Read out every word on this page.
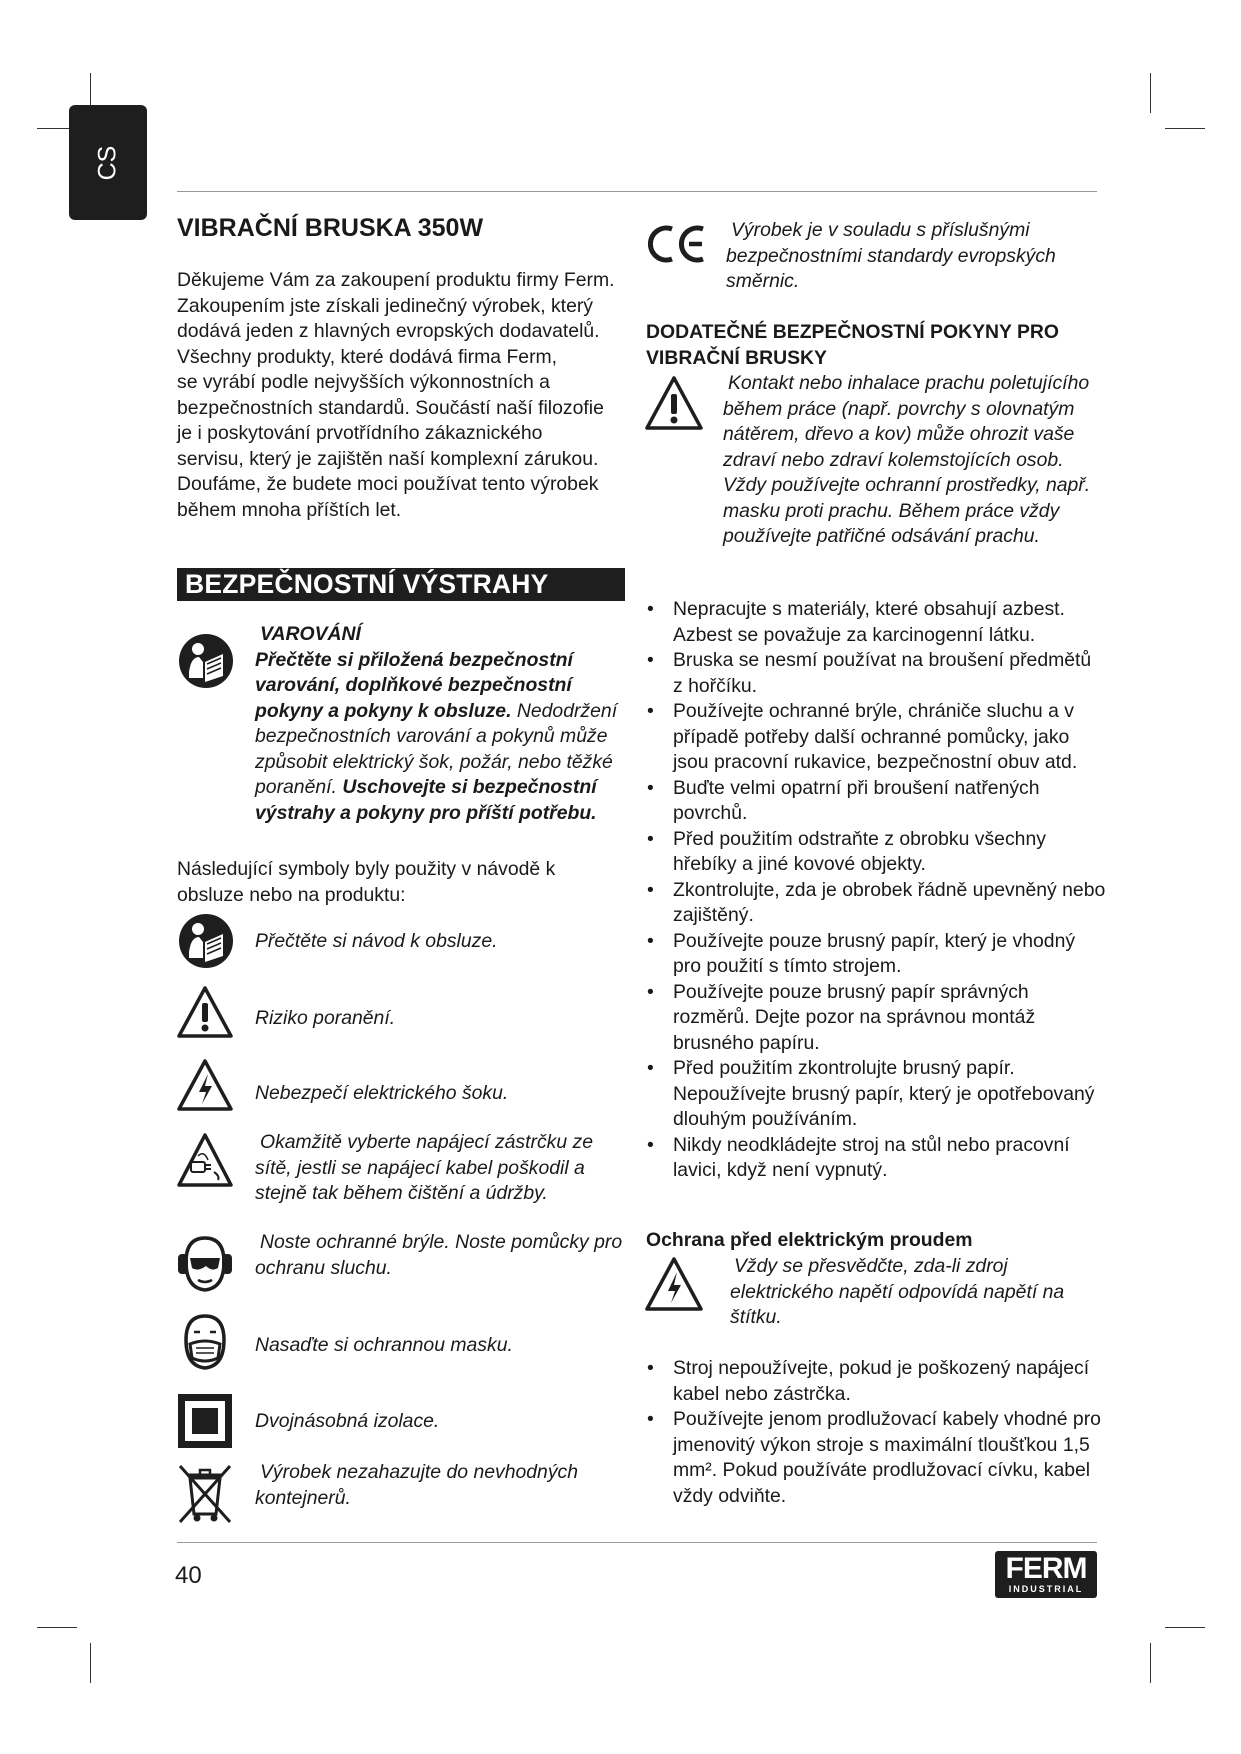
CS
VIBRAČNÍ BRUSKA 350W

Děkujeme Vám za zakoupení produktu firmy Ferm.

Zakoupením jste získali jedinečný výrobek, který

dodává jeden z hlavných evropských dodavatelů.

Všechny produkty, které dodává firma Ferm,

se vyrábí podle nejvyšších výkonnostních a

bezpečnostních standardů. Součástí naší filozofie

je i poskytování prvotřídního zákaznického

servisu, který je zajištěn naší komplexní zárukou.

Doufáme, že budete moci používat tento výrobek

během mnoha příštích let.

BEZPEČNOSTNÍ VÝSTRAHY
VAROVÁNÍ
Přečtěte si přiložená bezpečnostní varování, doplňkové bezpečnostní pokyny a pokyny k obsluze. Nedodržení bezpečnostních varování a pokynů může způsobit elektrický šok, požár, nebo těžké poranění. Uschovejte si bezpečnostní výstrahy a pokyny pro příští potřebu.
Následující symboly byly použity v návodě k obsluze nebo na produktu:
Přečtěte si návod k obsluze.
Riziko poranění.
Nebezpečí elektrického šoku.
Okamžitě vyberte napájecí zástrčku ze sítě, jestli se napájecí kabel poškodil a stejně tak během čištění a údržby.
Noste ochranné brýle. Noste pomůcky pro ochranu sluchu.
Nasaďte si ochrannou masku.
Dvojnásobná izolace.
Výrobek nezahazujte do nevhodných kontejnerů.
Výrobek je v souladu s příslušnými bezpečnostními standardy evropských směrnic.
DODATEČNÉ BEZPEČNOSTNÍ POKYNY PRO VIBRAČNÍ BRUSKY
Kontakt nebo inhalace prachu poletujícího během práce (např. povrchy s olovnatým nátěrem, dřevo a kov) může ohrozit vaše zdraví nebo zdraví kolemstojících osob. Vždy používejte ochranní prostředky, např. masku proti prachu. Během práce vždy používejte patřičné odsávání prachu.
• Nepracujte s materiály, které obsahují azbest. Azbest se považuje za karcinogenní látku.
• Bruska se nesmí používat na broušení předmětů z hořčíku.
• Používejte ochranné brýle, chrániče sluchu a v případě potřeby další ochranné pomůcky, jako jsou pracovní rukavice, bezpečnostní obuv atd.
• Buďte velmi opatrní při broušení natřených povrchů.
• Před použitím odstraňte z obrobku všechny hřebíky a jiné kovové objekty.
• Zkontrolujte, zda je obrobek řádně upevněný nebo zajištěný.
• Používejte pouze brusný papír, který je vhodný pro použití s tímto strojem.
• Používejte pouze brusný papír správných rozměrů. Dejte pozor na správnou montáž brusného papíru.
• Před použitím zkontrolujte brusný papír. Nepoužívejte brusný papír, který je opotřebovaný dlouhým používáním.
• Nikdy neodkládejte stroj na stůl nebo pracovní lavici, když není vypnutý.
Ochrana před elektrickým proudem
Vždy se přesvědčte, zda-li zdroj elektrického napětí odpovídá napětí na štítku.
• Stroj nepoužívejte, pokud je poškozený napájecí kabel nebo zástrčka.
• Používejte jenom prodlužovací kabely vhodné pro jmenovitý výkon stroje s maximální tloušťkou 1,5 mm². Pokud používáte prodlužovací cívku, kabel vždy odviňte.
40	FERM
INDUSTRIAL
